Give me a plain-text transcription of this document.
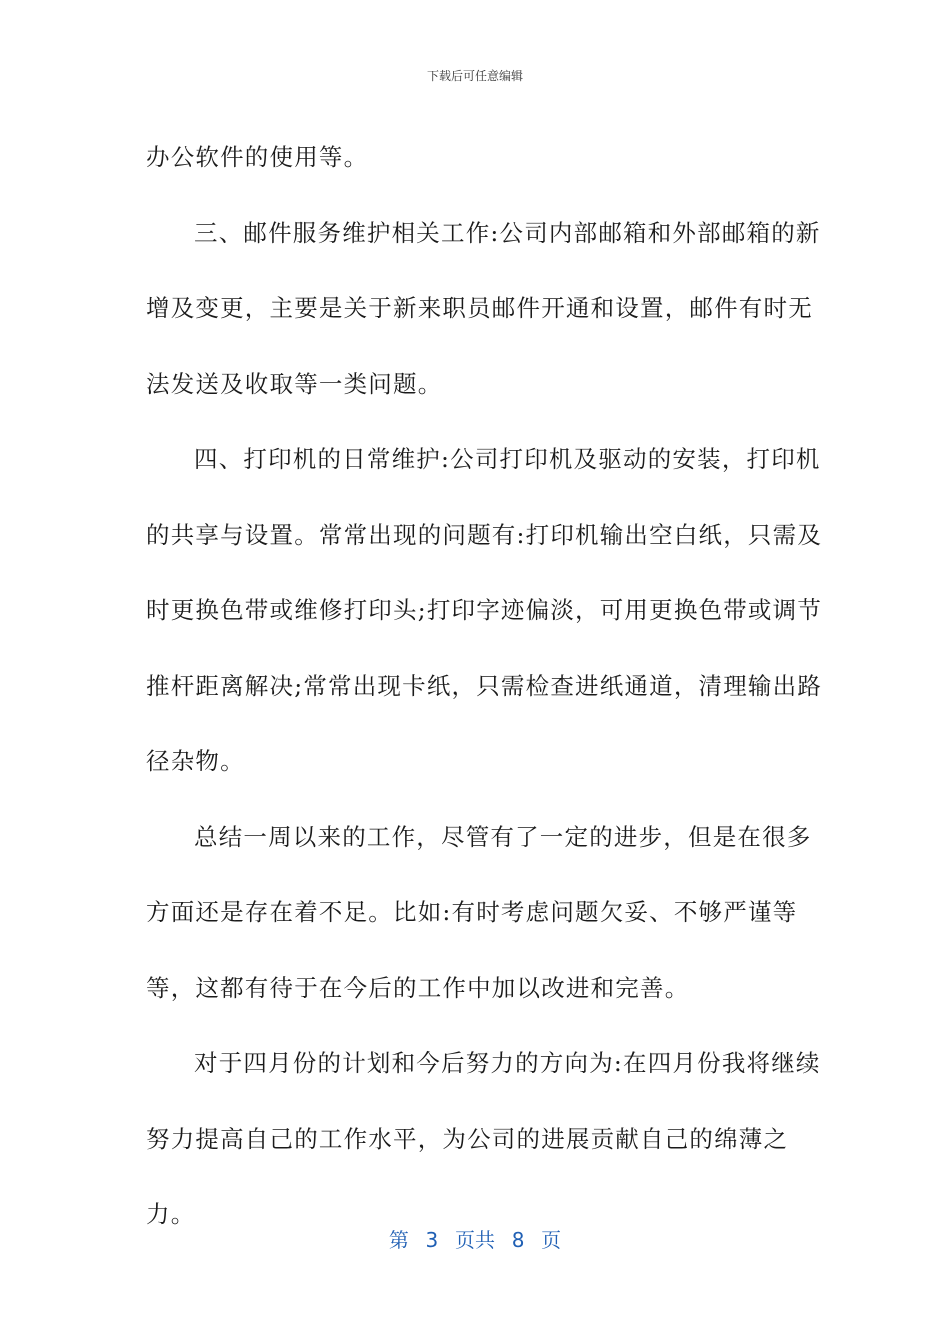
下载后可任意编辑

办公软件的使用等。

三、邮件服务维护相关工作:公司内部邮箱和外部邮箱的新增及变更，主要是关于新来职员邮件开通和设置，邮件有时无法发送及收取等一类问题。

四、打印机的日常维护:公司打印机及驱动的安装，打印机的共享与设置。常常出现的问题有:打印机输出空白纸，只需及时更换色带或维修打印头;打印字迹偏淡，可用更换色带或调节推杆距离解决;常常出现卡纸，只需检查进纸通道，清理输出路径杂物。

总结一周以来的工作，尽管有了一定的进步，但是在很多方面还是存在着不足。比如:有时考虑问题欠妥、不够严谨等等，这都有待于在今后的工作中加以改进和完善。

对于四月份的计划和今后努力的方向为:在四月份我将继续努力提高自己的工作水平，为公司的进展贡献自己的绵薄之力。

第  3  页共  8  页
